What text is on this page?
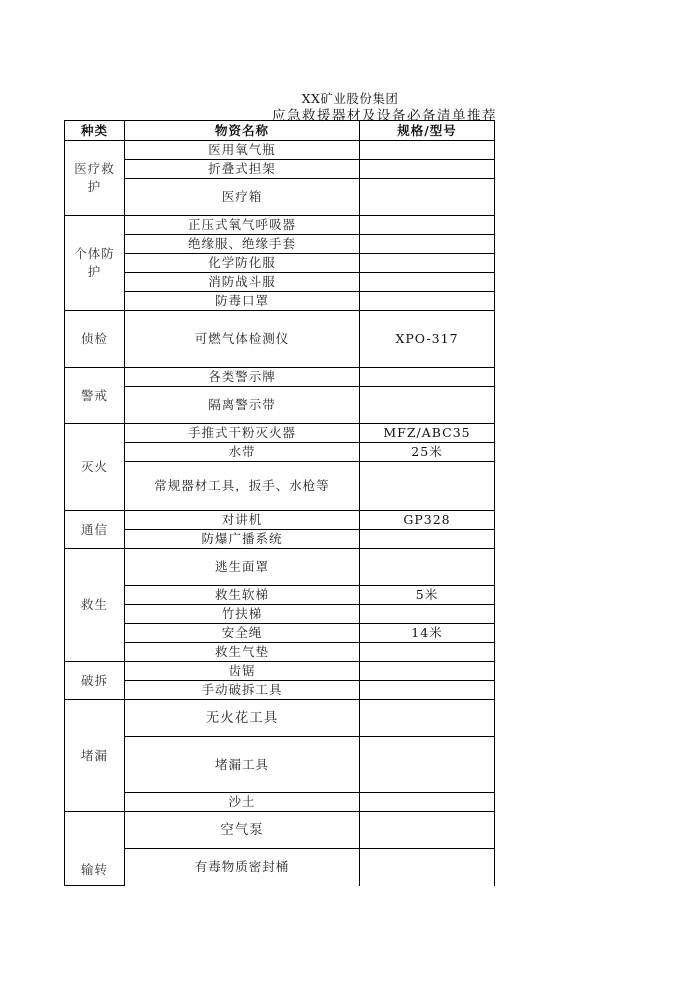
XX矿业股份集团
应急救援器材及设备必备清单推荐
种类	物资名称	规格/型号

医疗救护	医用氧气瓶	
	折叠式担架	
	医疗箱	

个体防护	正压式氧气呼吸器	
	绝缘服、绝缘手套	
	化学防化服	
	消防战斗服	
	防毒口罩	

侦检	可燃气体检测仪	XPO-317

警戒	各类警示牌	
	隔离警示带	

灭火	手推式干粉灭火器	MFZ/ABC35
	水带	25米
	常规器材工具，扳手、水枪等	

通信	对讲机	GP328
	防爆广播系统	

救生	逃生面罩	
	救生软梯	5米
	竹扶梯	
	安全绳	14米
	救生气垫	

破拆	齿锯	
	手动破拆工具	

堵漏	无火花工具	
	堵漏工具	
	沙土	

输转	空气泵	
	有毒物质密封桶	
